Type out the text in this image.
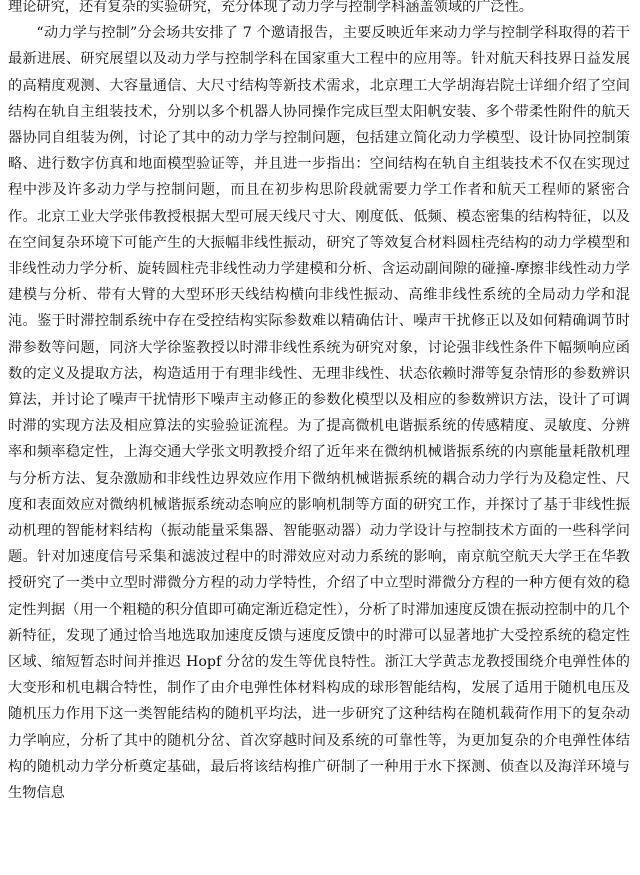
理论研究，还有复杂的实验研究，充分体现了动力学与控制学科涵盖领域的广泛性。

“动力学与控制”分会场共安排了 7 个邀请报告，主要反映近年来动力学与控制学科取得的若干最新进展、研究展望以及动力学与控制学科在国家重大工程中的应用等。针对航天科技界日益发展的高精度观测、大容量通信、大尺寸结构等新技术需求，北京理工大学胡海岩院士详细介绍了空间结构在轨自主组装技术，分别以多个机器人协同操作完成巨型太阳帆安装、多个带柔性附件的航天器协同自组装为例，讨论了其中的动力学与控制问题，包括建立简化动力学模型、设计协同控制策略、进行数字仿真和地面模型验证等，并且进一步指出：空间结构在轨自主组装技术不仅在实现过程中涉及许多动力学与控制问题，而且在初步构思阶段就需要力学工作者和航天工程师的紧密合作。北京工业大学张伟教授根据大型可展天线尺寸大、刚度低、低频、模态密集的结构特征，以及在空间复杂环境下可能产生的大振幅非线性振动，研究了等效复合材料圆柱壳结构的动力学模型和非线性动力学分析、旋转圆柱壳非线性动力学建模和分析、含运动副间隙的碰撞-摩擦非线性动力学建模与分析、带有大臂的大型环形天线结构横向非线性振动、高维非线性系统的全局动力学和混沌。鉴于时滞控制系统中存在受控结构实际参数难以精确估计、噪声干扰修正以及如何精确调节时滞参数等问题，同济大学徐鉴教授以时滞非线性系统为研究对象，讨论强非线性条件下幅频响应函数的定义及提取方法，构造适用于有理非线性、无理非线性、状态依赖时滞等复杂情形的参数辨识算法，并讨论了噪声干扰情形下噪声主动修正的参数化模型以及相应的参数辨识方法，设计了可调时滞的实现方法及相应算法的实验验证流程。为了提高微机电谐振系统的传感精度、灵敏度、分辨率和频率稳定性，上海交通大学张文明教授介绍了近年来在微纳机械谐振系统的内禀能量耗散机理与分析方法、复杂激励和非线性边界效应作用下微纳机械谐振系统的耦合动力学行为及稳定性、尺度和表面效应对微纳机械谐振系统动态响应的影响机制等方面的研究工作，并探讨了基于非线性振动机理的智能材料结构（振动能量采集器、智能驱动器）动力学设计与控制技术方面的一些科学问题。针对加速度信号采集和滤波过程中的时滞效应对动力系统的影响，南京航空航天大学王在华教授研究了一类中立型时滞微分方程的动力学特性，介绍了中立型时滞微分方程的一种方便有效的稳定性判据（用一个粗糙的积分值即可确定渐近稳定性），分析了时滞加速度反馈在振动控制中的几个新特征，发现了通过恰当地选取加速度反馈与速度反馈中的时滞可以显著地扩大受控系统的稳定性区域、缩短暂态时间并推迟 Hopf 分岔的发生等优良特性。浙江大学黄志龙教授围绕介电弹性体的大变形和机电耦合特性，制作了由介电弹性体材料构成的球形智能结构，发展了适用于随机电压及随机压力作用下这一类智能结构的随机平均法，进一步研究了这种结构在随机载荷作用下的复杂动力学响应，分析了其中的随机分岔、首次穿越时间及系统的可靠性等，为更加复杂的介电弹性体结构的随机动力学分析奠定基础，最后将该结构推广研制了一种用于水下探测、侦查以及海洋环境与生物信息
